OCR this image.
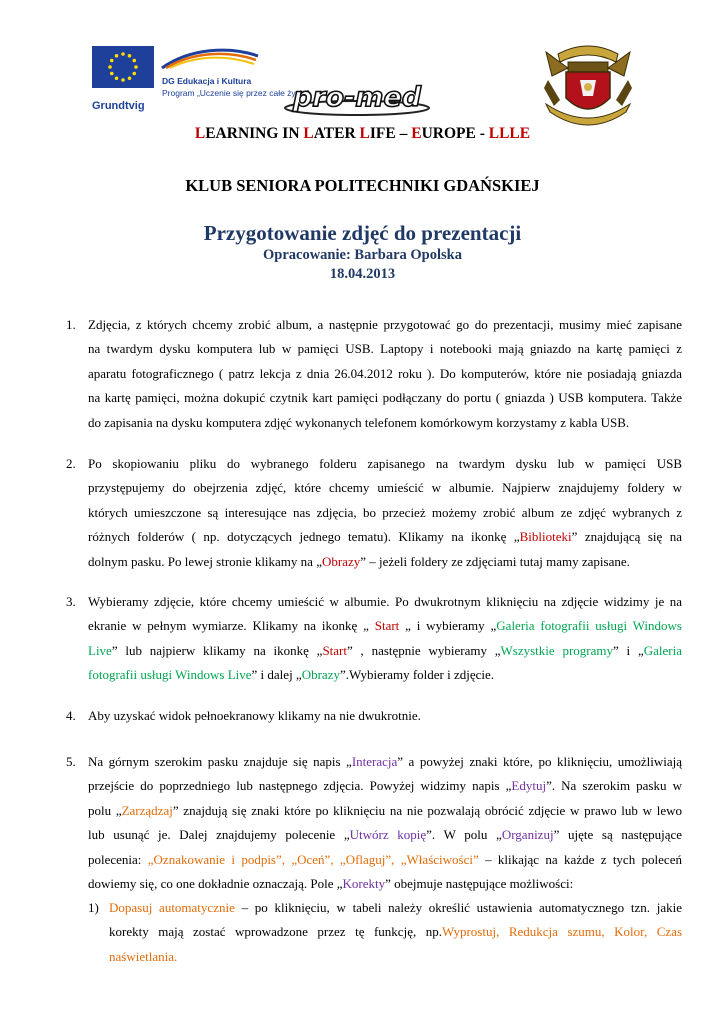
DG Edukacja i Kultura
Program „Uczenie się przez całe życie”
Grundtvig	pro-med
LEARNING IN LATER LIFE – EUROPE - LLLE
KLUB SENIORA POLITECHNIKI GDAŃSKIEJ
Przygotowanie zdjęć do prezentacji
Opracowanie: Barbara Opolska
18.04.2013
1. Zdjęcia, z których chcemy zrobić album, a następnie przygotować go do prezentacji, musimy mieć zapisane
na twardym dysku komputera lub w pamięci USB. Laptopy i notebooki mają gniazdo na kartę pamięci z
aparatu fotograficznego ( patrz lekcja z dnia 26.04.2012 roku ). Do komputerów, które nie posiadają gniazda
na kartę pamięci, można dokupić czytnik kart pamięci podłączany do portu ( gniazda ) USB komputera. Także
do zapisania na dysku komputera zdjęć wykonanych telefonem komórkowym korzystamy z kabla USB.
2. Po skopiowaniu pliku do wybranego folderu zapisanego na twardym dysku lub w pamięci USB
przystępujemy do obejrzenia zdjęć, które chcemy umieścić w albumie. Najpierw znajdujemy foldery w
których umieszczone są interesujące nas zdjęcia, bo przecież możemy zrobić album ze zdjęć wybranych z
różnych folderów ( np. dotyczących jednego tematu). Klikamy na ikonkę „Biblioteki” znajdującą się na
dolnym pasku. Po lewej stronie klikamy na „Obrazy” – jeżeli foldery ze zdjęciami tutaj mamy zapisane.
3. Wybieramy zdjęcie, które chcemy umieścić w albumie. Po dwukrotnym kliknięciu na zdjęcie widzimy je na
ekranie w pełnym wymiarze. Klikamy na ikonkę „ Start „ i wybieramy „Galeria fotografii usługi Windows
Live” lub najpierw klikamy na ikonkę „Start” , następnie wybieramy „Wszystkie programy” i „Galeria
fotografii usługi Windows Live” i dalej „Obrazy”.Wybieramy folder i zdjęcie.
4. Aby uzyskać widok pełnoekranowy klikamy na nie dwukrotnie.
5. Na górnym szerokim pasku znajduje się napis „Interacja” a powyżej znaki które, po kliknięciu, umożliwiają
przejście do poprzedniego lub następnego zdjęcia. Powyżej widzimy napis „Edytuj”. Na szerokim pasku w
polu „Zarządzaj” znajdują się znaki które po kliknięciu na nie pozwalają obrócić zdjęcie w prawo lub w lewo
lub usunąć je. Dalej znajdujemy polecenie „Utwórz kopię”. W polu „Organizuj” ujęte są następujące
polecenia: „Oznakowanie i podpis”, „Oceń”, „Oflaguj”, „Właściwości” – klikając na każde z tych poleceń
dowiemy się, co one dokładnie oznaczają. Pole „Korekty” obejmuje następujące możliwości:
1) Dopasuj automatycznie – po kliknięciu, w tabeli należy określić ustawienia automatycznego tzn. jakie
korekty mają zostać wprowadzone przez tę funkcję, np.Wyprostuj, Redukcja szumu, Kolor, Czas
naświetlania.
